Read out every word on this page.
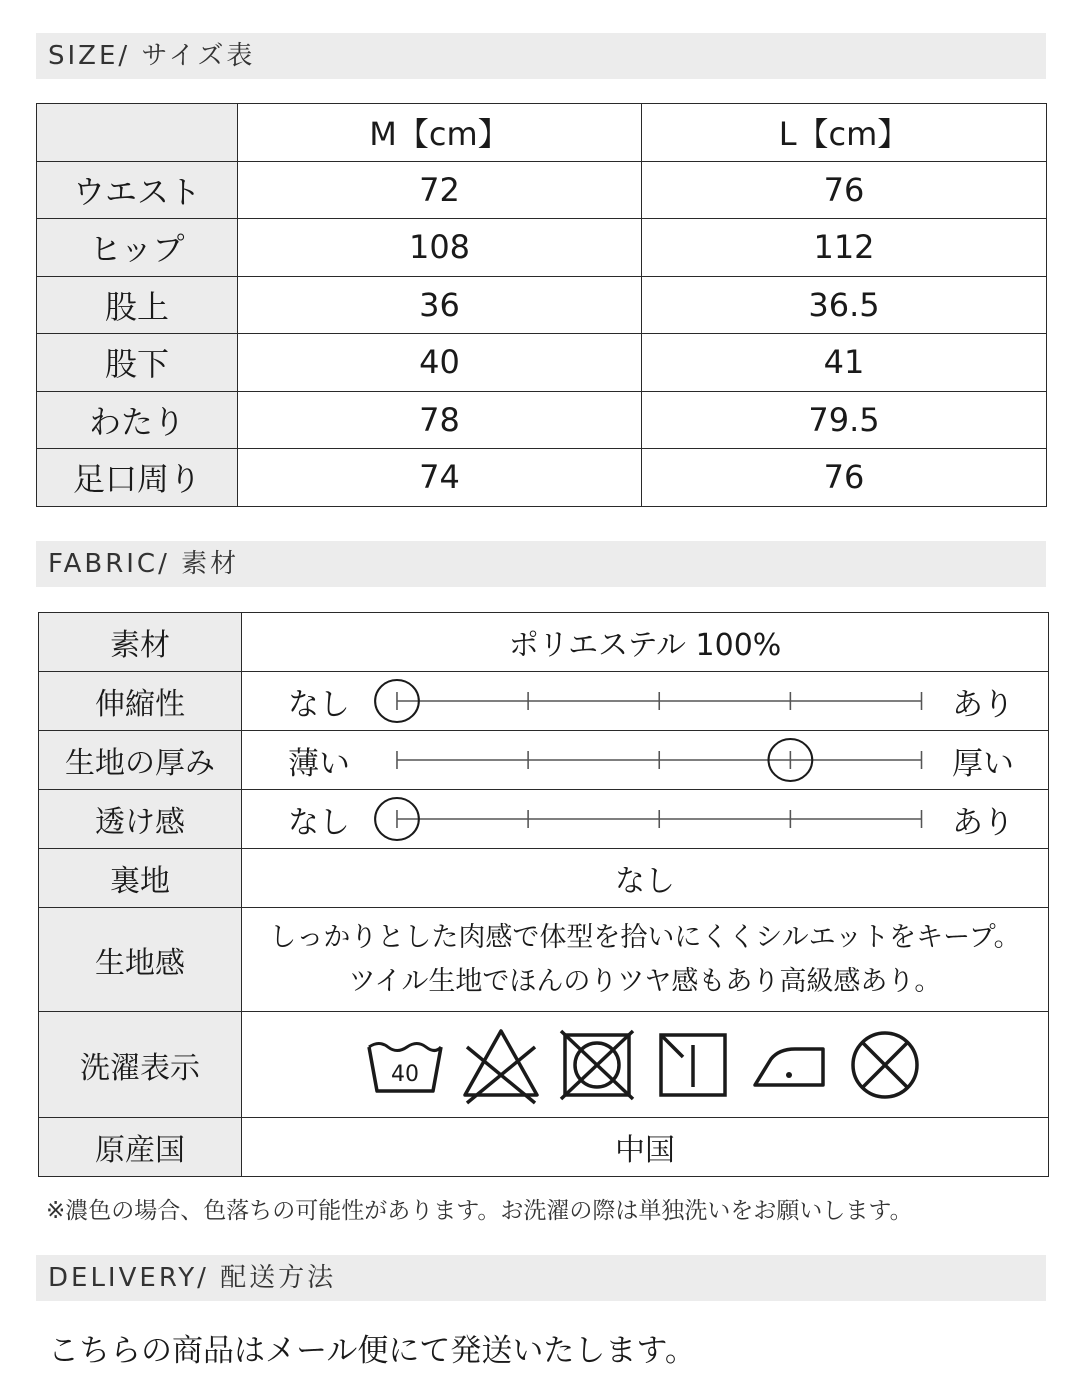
SIZE/ サイズ表
	M【cm】	L【cm】
ウエスト	72	76
ヒップ	108	112
股上	36	36.5
股下	40	41
わたり	78	79.5
足口周り	74	76
FABRIC/ 素材
素材	ポリエステル 100%
伸縮性	なし あり

生地の厚み	薄い 厚い

透け感	なし あり

裏地	なし
生地感	しっかりとした肉感で体型を拾いにくくシルエットをキープ。
ツイル生地でほんのりツヤ感もあり高級感あり。

洗濯表示	40

原産国	中国
※濃色の場合、色落ちの可能性があります。お洗濯の際は単独洗いをお願いします。
DELIVERY/ 配送方法
こちらの商品はメール便にて発送いたします。
